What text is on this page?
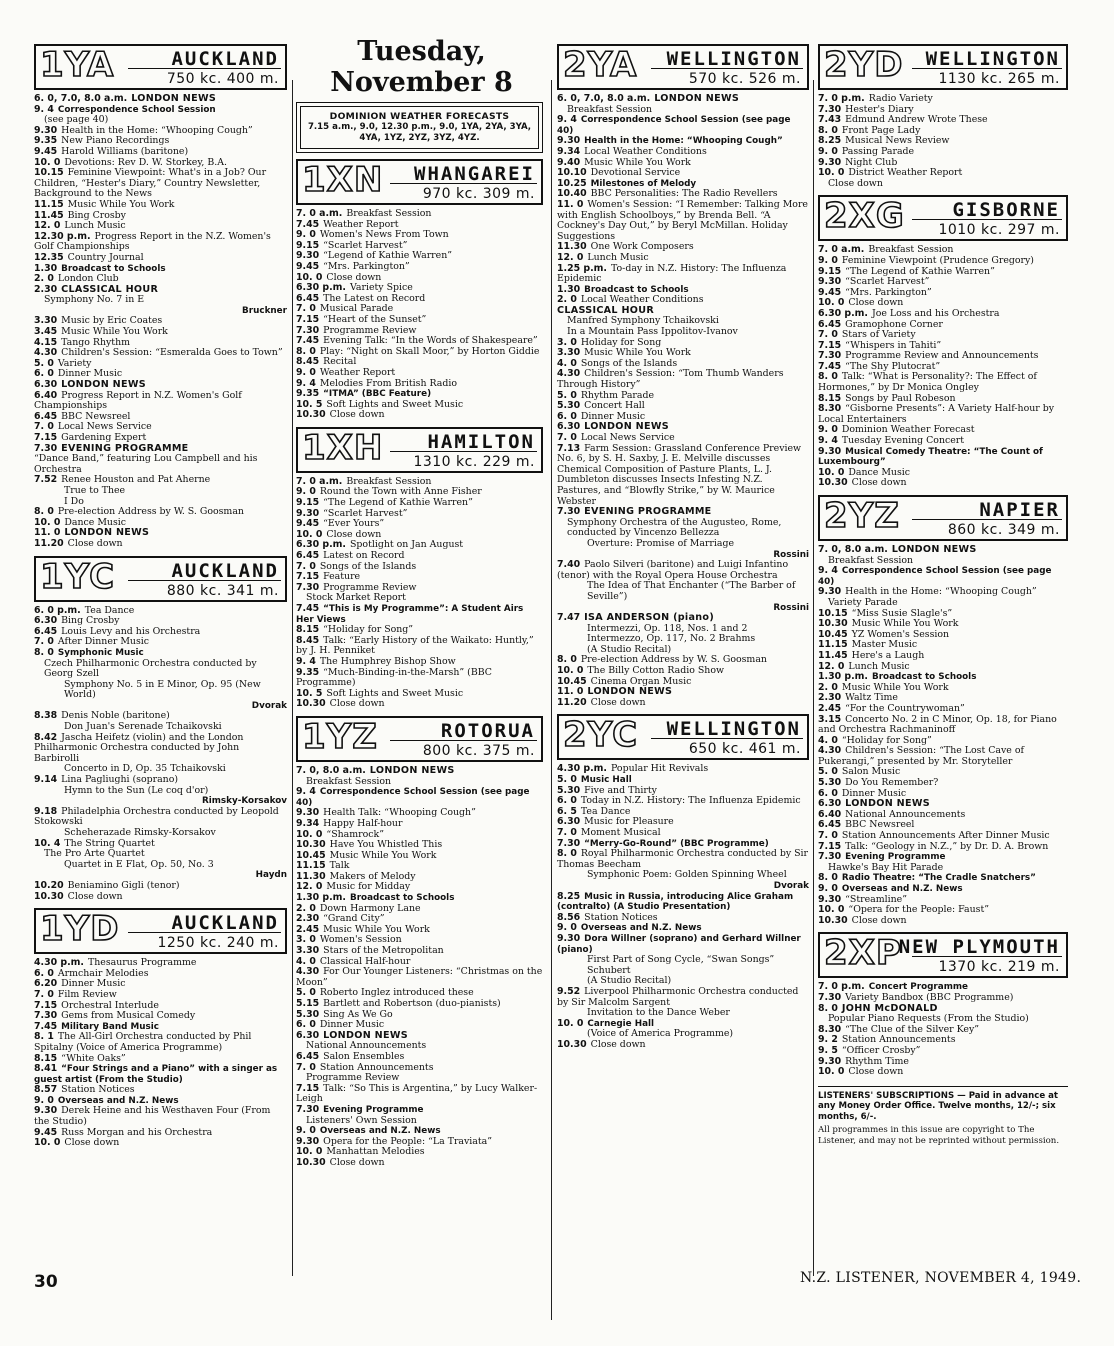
Tuesday, November 8
1YA	AUCKLAND
750 kc. 400 m.
6. 0, 7.0, 8.0 a.m. LONDON NEWS
9. 4 Correspondence School Session
(see page 40)
9.30 Health in the Home: “Whooping Cough”
9.35 New Piano Recordings
9.45 Harold Williams (baritone)
10. 0 Devotions: Rev D. W. Storkey, B.A.
10.15 Feminine Viewpoint: What's in a Job? Our Children, “Hester's Diary,” Country Newsletter, Background to the News
11.15 Music While You Work
11.45 Bing Crosby
12. 0 Lunch Music
12.30 p.m. Progress Report in the N.Z. Women's Golf Championships
12.35 Country Journal
1.30 Broadcast to Schools
2. 0 London Club
2.30 CLASSICAL HOUR
Symphony No. 7 in E
Bruckner
3.30 Music by Eric Coates
3.45 Music While You Work
4.15 Tango Rhythm
4.30 Children's Session: “Esmeralda Goes to Town”
5. 0 Variety
6. 0 Dinner Music
6.30 LONDON NEWS
6.40 Progress Report in N.Z. Women's Golf Championships
6.45 BBC Newsreel
7. 0 Local News Service
7.15 Gardening Expert
7.30 EVENING PROGRAMME
“Dance Band,” featuring Lou Campbell and his Orchestra
7.52 Renee Houston and Pat Aherne
True to Thee
I Do
8. 0 Pre-election Address by W. S. Goosman
10. 0 Dance Music
11. 0 LONDON NEWS
11.20 Close down
1YC	AUCKLAND
880 kc. 341 m.
6. 0 p.m. Tea Dance
6.30 Bing Crosby
6.45 Louis Levy and his Orchestra
7. 0 After Dinner Music
8. 0 Symphonic Music
Czech Philharmonic Orchestra conducted by Georg Szell
Symphony No. 5 in E Minor, Op. 95 (New World)
Dvorak
8.38 Denis Noble (baritone)
Don Juan's Serenade Tchaikovski
8.42 Jascha Heifetz (violin) and the London Philharmonic Orchestra conducted by John Barbirolli
Concerto in D, Op. 35 Tchaikovski
9.14 Lina Pagliughi (soprano)
Hymn to the Sun (Le coq d'or)
Rimsky-Korsakov
9.18 Philadelphia Orchestra conducted by Leopold Stokowski
Scheherazade Rimsky-Korsakov
10. 4 The String Quartet
The Pro Arte Quartet
Quartet in E Flat, Op. 50, No. 3
Haydn
10.20 Beniamino Gigli (tenor)
10.30 Close down
1YD	AUCKLAND
1250 kc. 240 m.
4.30 p.m. Thesaurus Programme
6. 0 Armchair Melodies
6.20 Dinner Music
7. 0 Film Review
7.15 Orchestral Interlude
7.30 Gems from Musical Comedy
7.45 Military Band Music
8. 1 The All-Girl Orchestra conducted by Phil Spitalny (Voice of America Programme)
8.15 “White Oaks”
8.41 “Four Strings and a Piano” with a singer as guest artist (From the Studio)
8.57 Station Notices
9. 0 Overseas and N.Z. News
9.30 Derek Heine and his Westhaven Four (From the Studio)
9.45 Russ Morgan and his Orchestra
10. 0 Close down
DOMINION WEATHER FORECASTS
7.15 a.m., 9.0, 12.30 p.m., 9.0, 1YA, 2YA, 3YA, 4YA, 1YZ, 2YZ, 3YZ, 4YZ.
1XN WHANGAREI
970 kc. 309 m.
7. 0 a.m. Breakfast Session
7.45 Weather Report
9. 0 Women's News From Town
9.15 “Scarlet Harvest”
9.30 “Legend of Kathie Warren”
9.45 “Mrs. Parkington”
10. 0 Close down
6.30 p.m. Variety Spice
6.45 The Latest on Record
7. 0 Musical Parade
7.15 “Heart of the Sunset”
7.30 Programme Review
7.45 Evening Talk: “In the Words of Shakespeare”
8. 0 Play: “Night on Skall Moor,” by Horton Giddie
8.45 Recital
9. 0 Weather Report
9. 4 Melodies From British Radio
9.35 “ITMA” (BBC Feature)
10. 5 Soft Lights and Sweet Music
10.30 Close down
1XH HAMILTON
1310 kc. 229 m.
7. 0 a.m. Breakfast Session
9. 0 Round the Town with Anne Fisher
9.15 “The Legend of Kathie Warren”
9.30 “Scarlet Harvest”
9.45 “Ever Yours”
10. 0 Close down
6.30 p.m. Spotlight on Jan August
6.45 Latest on Record
7. 0 Songs of the Islands
7.15 Feature
7.30 Programme Review
Stock Market Report
7.45 “This is My Programme”: A Student Airs Her Views
8.15 “Holiday for Song”
8.45 Talk: “Early History of the Waikato: Huntly,” by J. H. Penniket
9. 4 The Humphrey Bishop Show
9.35 “Much-Binding-in-the-Marsh” (BBC Programme)
10. 5 Soft Lights and Sweet Music
10.30 Close down
1YZ	ROTORUA
800 kc. 375 m.
7. 0, 8.0 a.m. LONDON NEWS
Breakfast Session
9. 4 Correspondence School Session (see page 40)
9.30 Health Talk: “Whooping Cough”
9.34 Happy Half-hour
10. 0 “Shamrock”
10.30 Have You Whistled This
10.45 Music While You Work
11.15 Talk
11.30 Makers of Melody
12. 0 Music for Midday
1.30 p.m. Broadcast to Schools
2. 0 Down Harmony Lane
2.30 “Grand City”
2.45 Music While You Work
3. 0 Women's Session
3.30 Stars of the Metropolitan
4. 0 Classical Half-hour
4.30 For Our Younger Listeners: “Christmas on the Moon”
5. 0 Roberto Inglez introduced these
5.15 Bartlett and Robertson (duo-pianists)
5.30 Sing As We Go
6. 0 Dinner Music
6.30 LONDON NEWS
National Announcements
6.45 Salon Ensembles
7. 0 Station Announcements
Programme Review
7.15 Talk: “So This is Argentina,” by Lucy Walker-Leigh
7.30 Evening Programme
Listeners' Own Session
9. 0 Overseas and N.Z. News
9.30 Opera for the People: “La Traviata”
10. 0 Manhattan Melodies
10.30 Close down
2YA WELLINGTON
570 kc. 526 m.
6. 0, 7.0, 8.0 a.m. LONDON NEWS
Breakfast Session
9. 4 Correspondence School Session (see page 40)
9.30 Health in the Home: “Whooping Cough”
9.34 Local Weather Conditions
9.40 Music While You Work
10.10 Devotional Service
10.25 Milestones of Melody
10.40 BBC Personalities: The Radio Revellers
11. 0 Women's Session: “I Remember: Talking More with English Schoolboys,” by Brenda Bell. “A Cockney's Day Out,” by Beryl McMillan. Holiday Suggestions
11.30 One Work Composers
12. 0 Lunch Music
1.25 p.m. To-day in N.Z. History: The Influenza Epidemic
1.30 Broadcast to Schools
2. 0 Local Weather Conditions
CLASSICAL HOUR
Manfred Symphony Tchaikovski
In a Mountain Pass Ippolitov-Ivanov
3. 0 Holiday for Song
3.30 Music While You Work
4. 0 Songs of the Islands
4.30 Children's Session: “Tom Thumb Wanders Through History”
5. 0 Rhythm Parade
5.30 Concert Hall
6. 0 Dinner Music
6.30 LONDON NEWS
7. 0 Local News Service
7.13 Farm Session: Grassland Conference Preview No. 6, by S. H. Saxby, J. E. Melville discusses Chemical Composition of Pasture Plants, L. J. Dumbleton discusses Insects Infesting N.Z. Pastures, and “Blowfly Strike,” by W. Maurice Webster
7.30 EVENING PROGRAMME
Symphony Orchestra of the Augusteo, Rome, conducted by Vincenzo Bellezza
Overture: Promise of Marriage
Rossini
7.40 Paolo Silveri (baritone) and Luigi Infantino (tenor) with the Royal Opera House Orchestra
The Idea of That Enchanter (“The Barber of Seville”)
Rossini
7.47 ISA ANDERSON (piano)
Intermezzi, Op. 118, Nos. 1 and 2
Intermezzo, Op. 117, No. 2 Brahms
(A Studio Recital)
8. 0 Pre-election Address by W. S. Goosman
10. 0 The Billy Cotton Radio Show
10.45 Cinema Organ Music
11. 0 LONDON NEWS
11.20 Close down
2YC WELLINGTON
650 kc. 461 m.
4.30 p.m. Popular Hit Revivals
5. 0 Music Hall
5.30 Five and Thirty
6. 0 Today in N.Z. History: The Influenza Epidemic
6. 5 Tea Dance
6.30 Music for Pleasure
7. 0 Moment Musical
7.30 “Merry-Go-Round” (BBC Programme)
8. 0 Royal Philharmonic Orchestra conducted by Sir Thomas Beecham
Symphonic Poem: Golden Spinning Wheel
Dvorak
8.25 Music in Russia, introducing Alice Graham (contralto) (A Studio Presentation)
8.56 Station Notices
9. 0 Overseas and N.Z. News
9.30 Dora Willner (soprano) and Gerhard Willner (piano)
First Part of Song Cycle, “Swan Songs” Schubert
(A Studio Recital)
9.52 Liverpool Philharmonic Orchestra conducted by Sir Malcolm Sargent
Invitation to the Dance Weber
10. 0 Carnegie Hall
(Voice of America Programme)
10.30 Close down
2YD WELLINGTON
1130 kc. 265 m.
7. 0 p.m. Radio Variety
7.30 Hester's Diary
7.43 Edmund Andrew Wrote These
8. 0 Front Page Lady
8.25 Musical News Review
9. 0 Passing Parade
9.30 Night Club
10. 0 District Weather Report
Close down
2XG	GISBORNE
1010 kc. 297 m.
7. 0 a.m. Breakfast Session
9. 0 Feminine Viewpoint (Prudence Gregory)
9.15 “The Legend of Kathie Warren”
9.30 “Scarlet Harvest”
9.45 “Mrs. Parkington”
10. 0 Close down
6.30 p.m. Joe Loss and his Orchestra
6.45 Gramophone Corner
7. 0 Stars of Variety
7.15 “Whispers in Tahiti”
7.30 Programme Review and Announcements
7.45 “The Shy Plutocrat”
8. 0 Talk: “What is Personality?: The Effect of Hormones,” by Dr Monica Ongley
8.15 Songs by Paul Robeson
8.30 “Gisborne Presents”: A Variety Half-hour by Local Entertainers
9. 0 Dominion Weather Forecast
9. 4 Tuesday Evening Concert
9.30 Musical Comedy Theatre: “The Count of Luxembourg”
10. 0 Dance Music
10.30 Close down
2YZ	NAPIER
860 kc. 349 m.
7. 0, 8.0 a.m. LONDON NEWS
Breakfast Session
9. 4 Correspondence School Session (see page 40)
9.30 Health in the Home: “Whooping Cough”
Variety Parade
10.15 “Miss Susie Slagle's”
10.30 Music While You Work
10.45 YZ Women's Session
11.15 Master Music
11.45 Here's a Laugh
12. 0 Lunch Music
1.30 p.m. Broadcast to Schools
2. 0 Music While You Work
2.30 Waltz Time
2.45 “For the Countrywoman”
3.15 Concerto No. 2 in C Minor, Op. 18, for Piano and Orchestra Rachmaninoff
4. 0 “Holiday for Song”
4.30 Children's Session: “The Lost Cave of Pukerangi,” presented by Mr. Storyteller
5. 0 Salon Music
5.30 Do You Remember?
6. 0 Dinner Music
6.30 LONDON NEWS
6.40 National Announcements
6.45 BBC Newsreel
7. 0 Station Announcements After Dinner Music
7.15 Talk: “Geology in N.Z.,” by Dr. D. A. Brown
7.30 Evening Programme
Hawke's Bay Hit Parade
8. 0 Radio Theatre: “The Cradle Snatchers”
9. 0 Overseas and N.Z. News
9.30 “Streamline”
10. 0 “Opera for the People: Faust”
10.30 Close down
2XP
NEW PLYMOUTH
1370 kc. 219 m.
7. 0 p.m. Concert Programme
7.30 Variety Bandbox (BBC Programme)
8. 0 JOHN McDONALD
Popular Piano Requests (From the Studio)
8.30 “The Clue of the Silver Key”
9. 2 Station Announcements
9. 5 “Officer Crosby”
9.30 Rhythm Time
10. 0 Close down
LISTENERS' SUBSCRIPTIONS — Paid in advance at any Money Order Office. Twelve months, 12/-; six months, 6/-.
All programmes in this issue are copyright to The Listener, and may not be reprinted without permission.
30	N.Z. LISTENER, NOVEMBER 4, 1949.
